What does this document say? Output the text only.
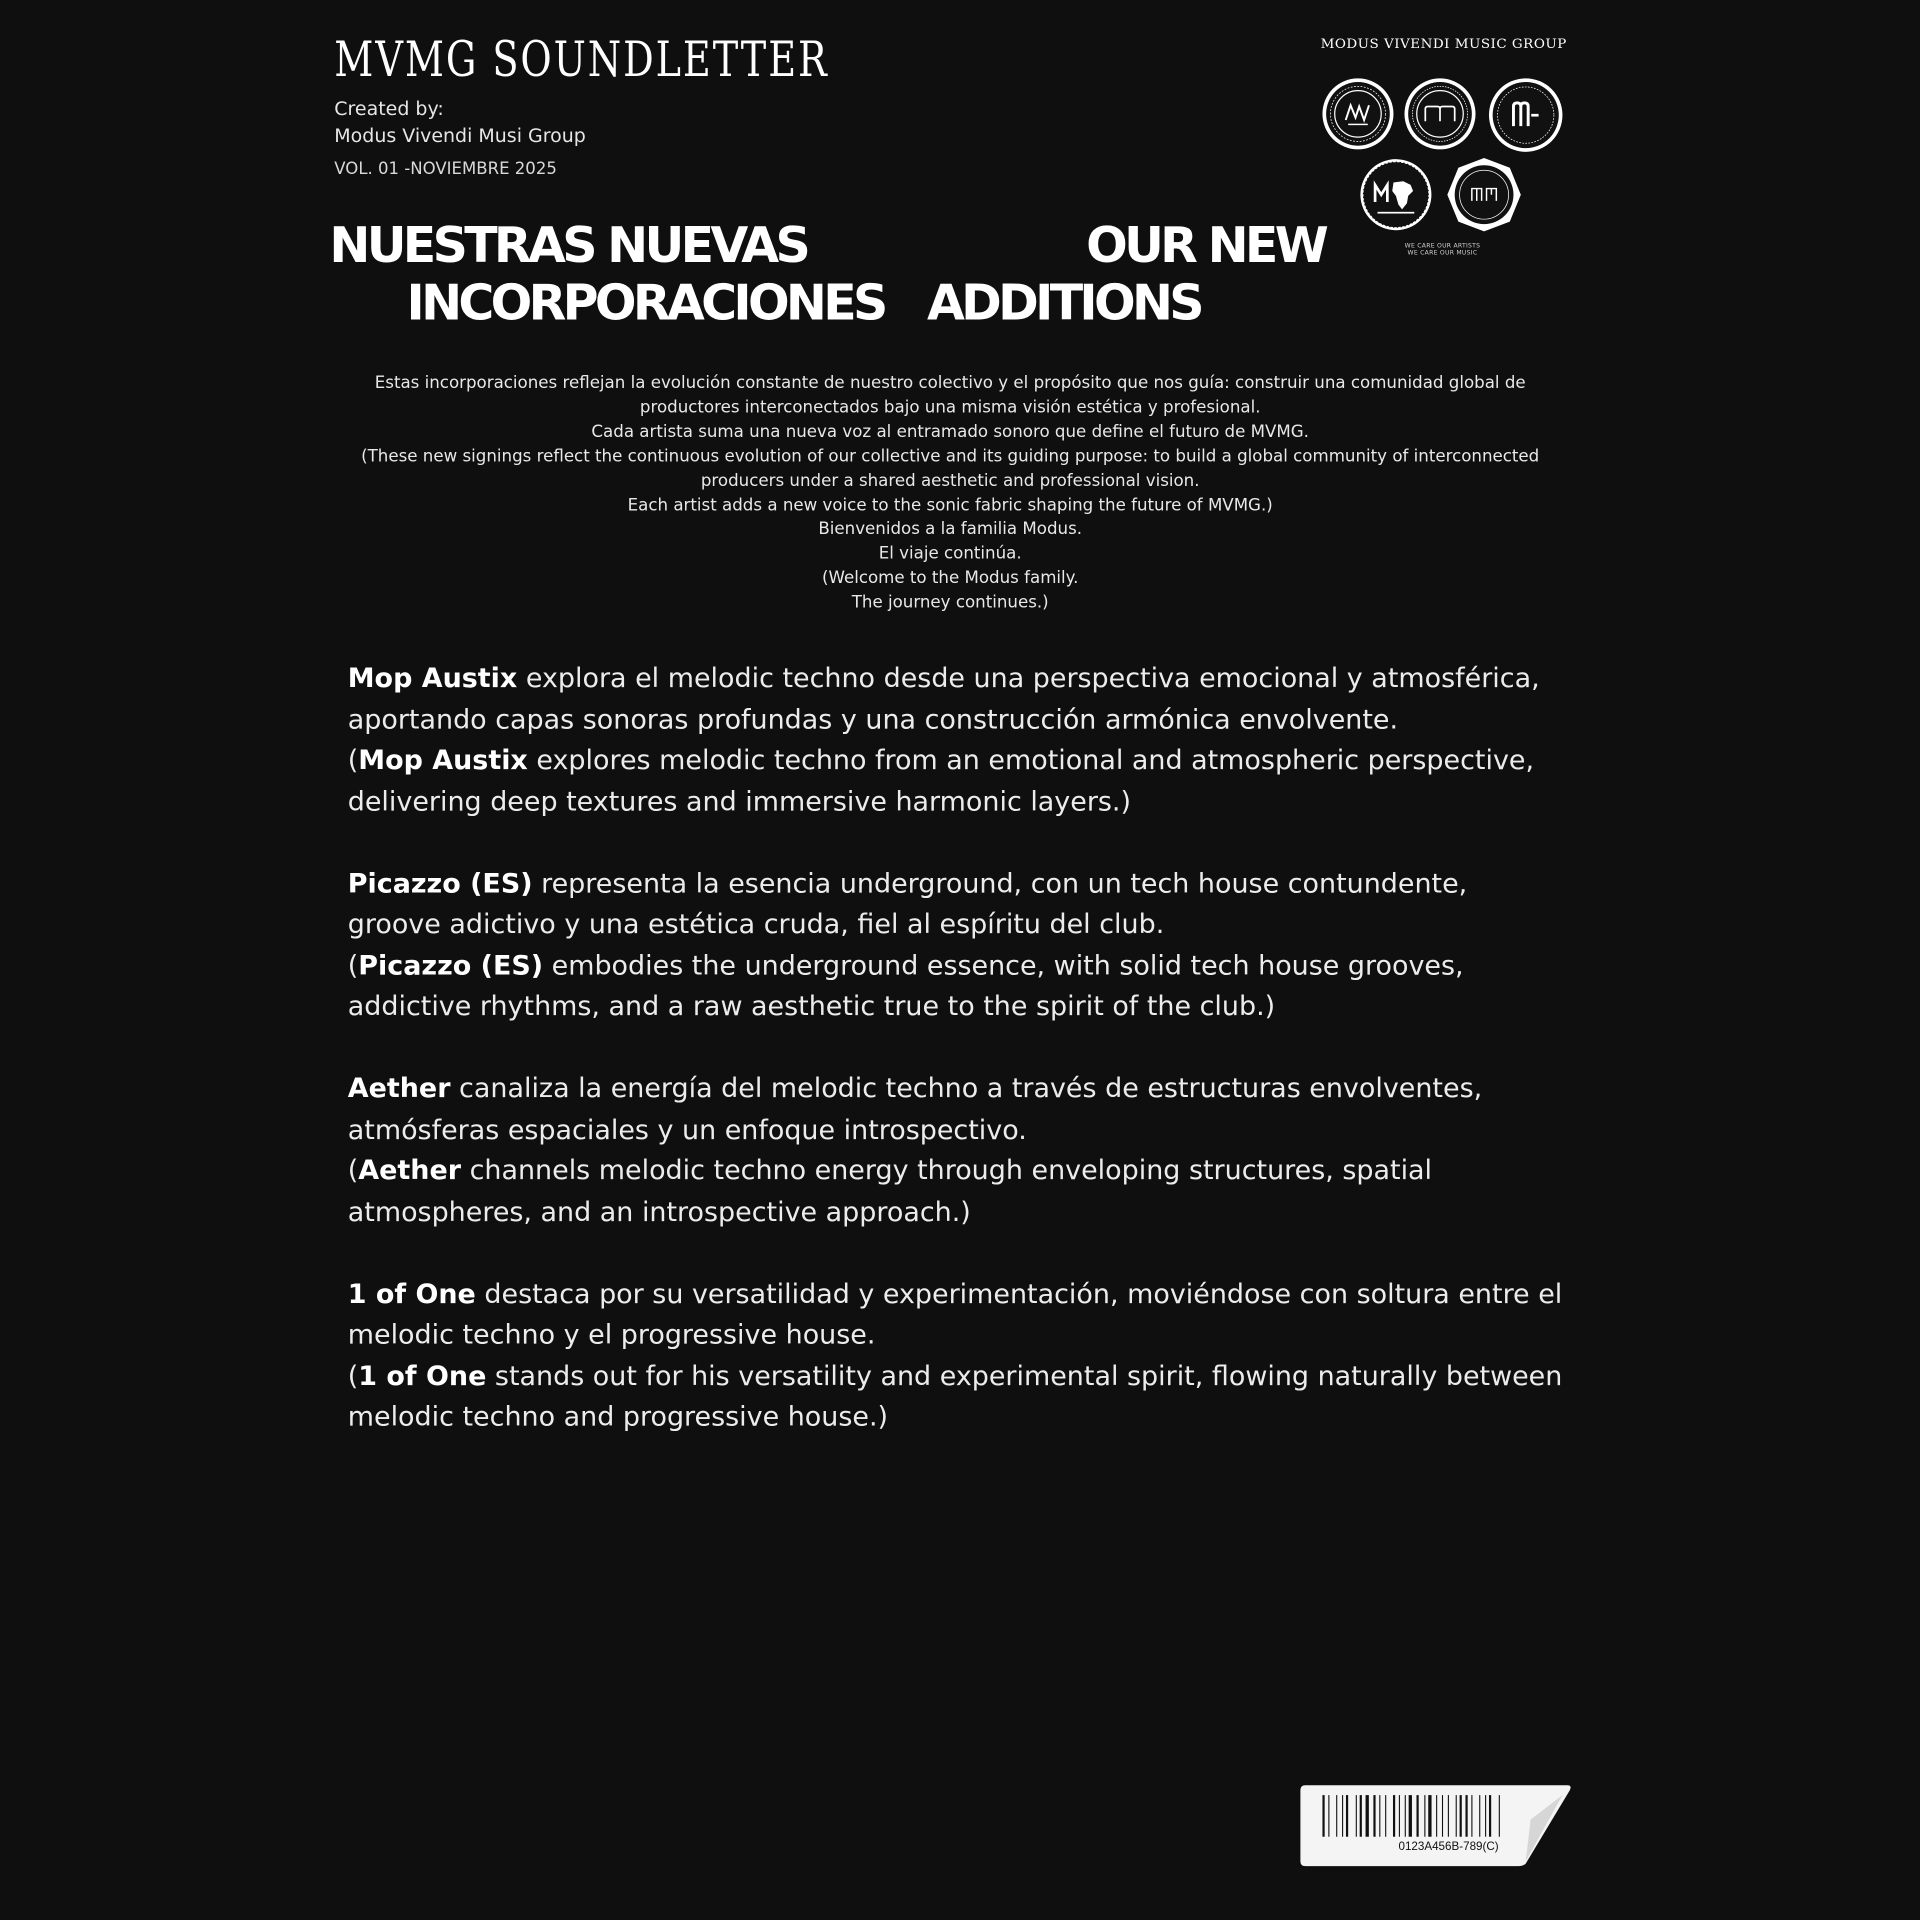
MVMG SOUNDLETTER
Created by:
Modus Vivendi Musi Group
VOL. 01 -NOVIEMBRE 2025
MODUS VIVENDI MUSIC GROUP
WE CARE OUR ARTISTS
WE CARE OUR MUSIC
NUESTRAS NUEVAS
INCORPORACIONES
OUR NEW
ADDITIONS
Estas incorporaciones reflejan la evolución constante de nuestro colectivo y el propósito que nos guía: construir una comunidad global de
productores interconectados bajo una misma visión estética y profesional.
Cada artista suma una nueva voz al entramado sonoro que define el futuro de MVMG.
(These new signings reflect the continuous evolution of our collective and its guiding purpose: to build a global community of interconnected
producers under a shared aesthetic and professional vision.
Each artist adds a new voice to the sonic fabric shaping the future of MVMG.)
Bienvenidos a la familia Modus.
El viaje continúa.
(Welcome to the Modus family.
The journey continues.)

Mop Austix explora el melodic techno desde una perspectiva emocional y atmosférica,
aportando capas sonoras profundas y una construcción armónica envolvente.

(Mop Austix explores melodic techno from an emotional and atmospheric perspective,
delivering deep textures and immersive harmonic layers.)

Picazzo (ES) representa la esencia underground, con un tech house contundente,
groove adictivo y una estética cruda, fiel al espíritu del club.

(Picazzo (ES) embodies the underground essence, with solid tech house grooves,
addictive rhythms, and a raw aesthetic true to the spirit of the club.)

Aether canaliza la energía del melodic techno a través de estructuras envolventes,
atmósferas espaciales y un enfoque introspectivo.

(Aether channels melodic techno energy through enveloping structures, spatial
atmospheres, and an introspective approach.)

1 of One destaca por su versatilidad y experimentación, moviéndose con soltura entre el
melodic techno y el progressive house.

(1 of One stands out for his versatility and experimental spirit, flowing naturally between
melodic techno and progressive house.)

0123A456B-789(C)
